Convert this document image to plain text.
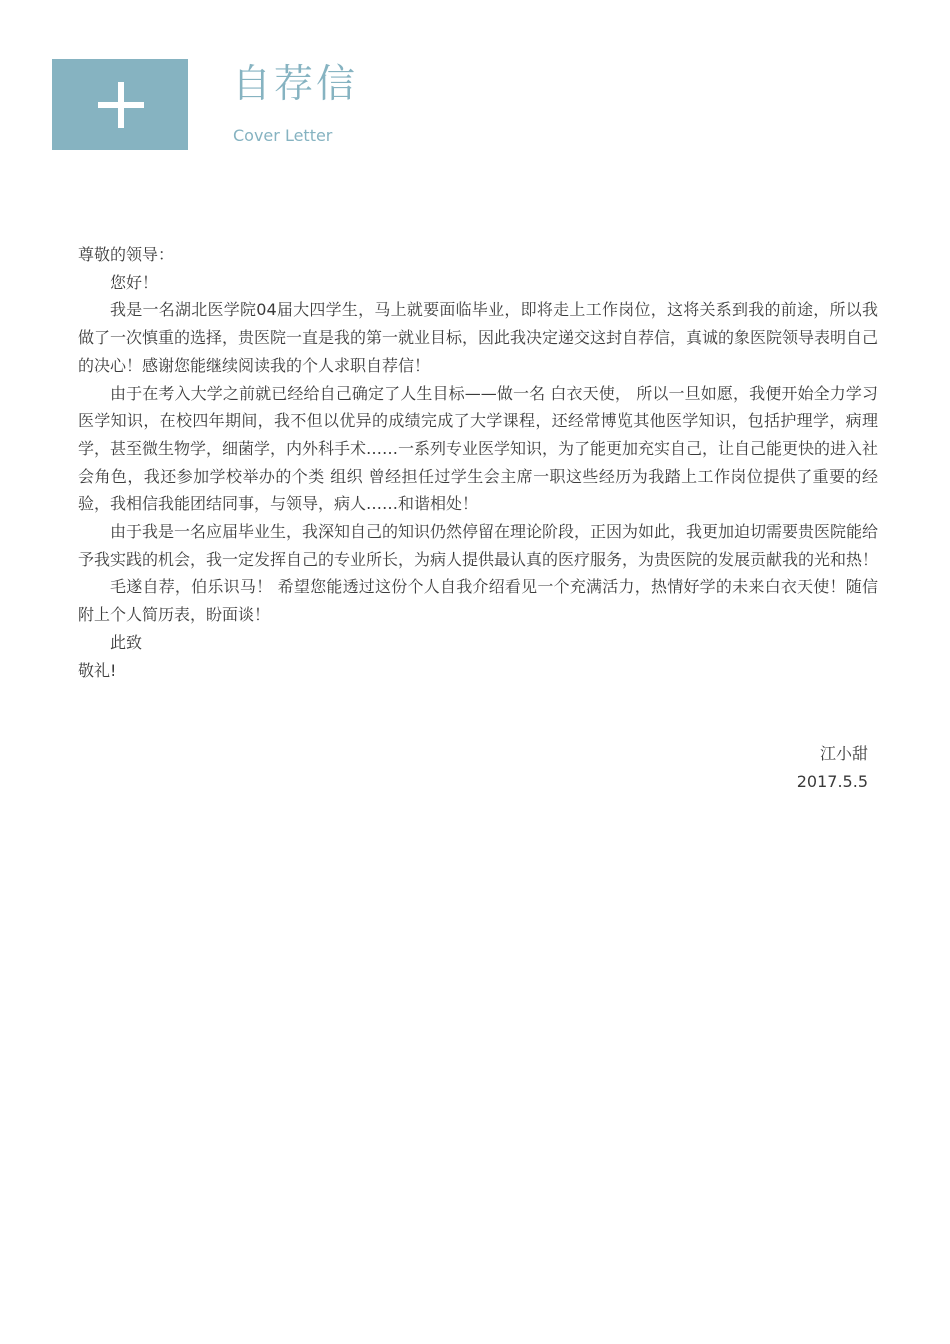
自荐信
Cover Letter

尊敬的领导：

您好！

我是一名湖北医学院04届大四学生，马上就要面临毕业，即将走上工作岗位，这将关系到我的前途，所以我做了一次慎重的选择，贵医院一直是我的第一就业目标，因此我决定递交这封自荐信，真诚的象医院领导表明自己的决心！感谢您能继续阅读我的个人求职自荐信！

由于在考入大学之前就已经给自己确定了人生目标——做一名 白衣天使， 所以一旦如愿，我便开始全力学习医学知识，在校四年期间，我不但以优异的成绩完成了大学课程，还经常博览其他医学知识，包括护理学，病理学，甚至微生物学，细菌学，内外科手术……一系列专业医学知识，为了能更加充实自己，让自己能更快的进入社会角色，我还参加学校举办的个类 组织 曾经担任过学生会主席一职这些经历为我踏上工作岗位提供了重要的经验，我相信我能团结同事，与领导，病人……和谐相处！

由于我是一名应届毕业生，我深知自己的知识仍然停留在理论阶段，正因为如此，我更加迫切需要贵医院能给予我实践的机会，我一定发挥自己的专业所长，为病人提供最认真的医疗服务，为贵医院的发展贡献我的光和热！

毛遂自荐，伯乐识马！ 希望您能透过这份个人自我介绍看见一个充满活力，热情好学的未来白衣天使！随信附上个人简历表，盼面谈！

此致

敬礼!

江小甜
2017.5.5
